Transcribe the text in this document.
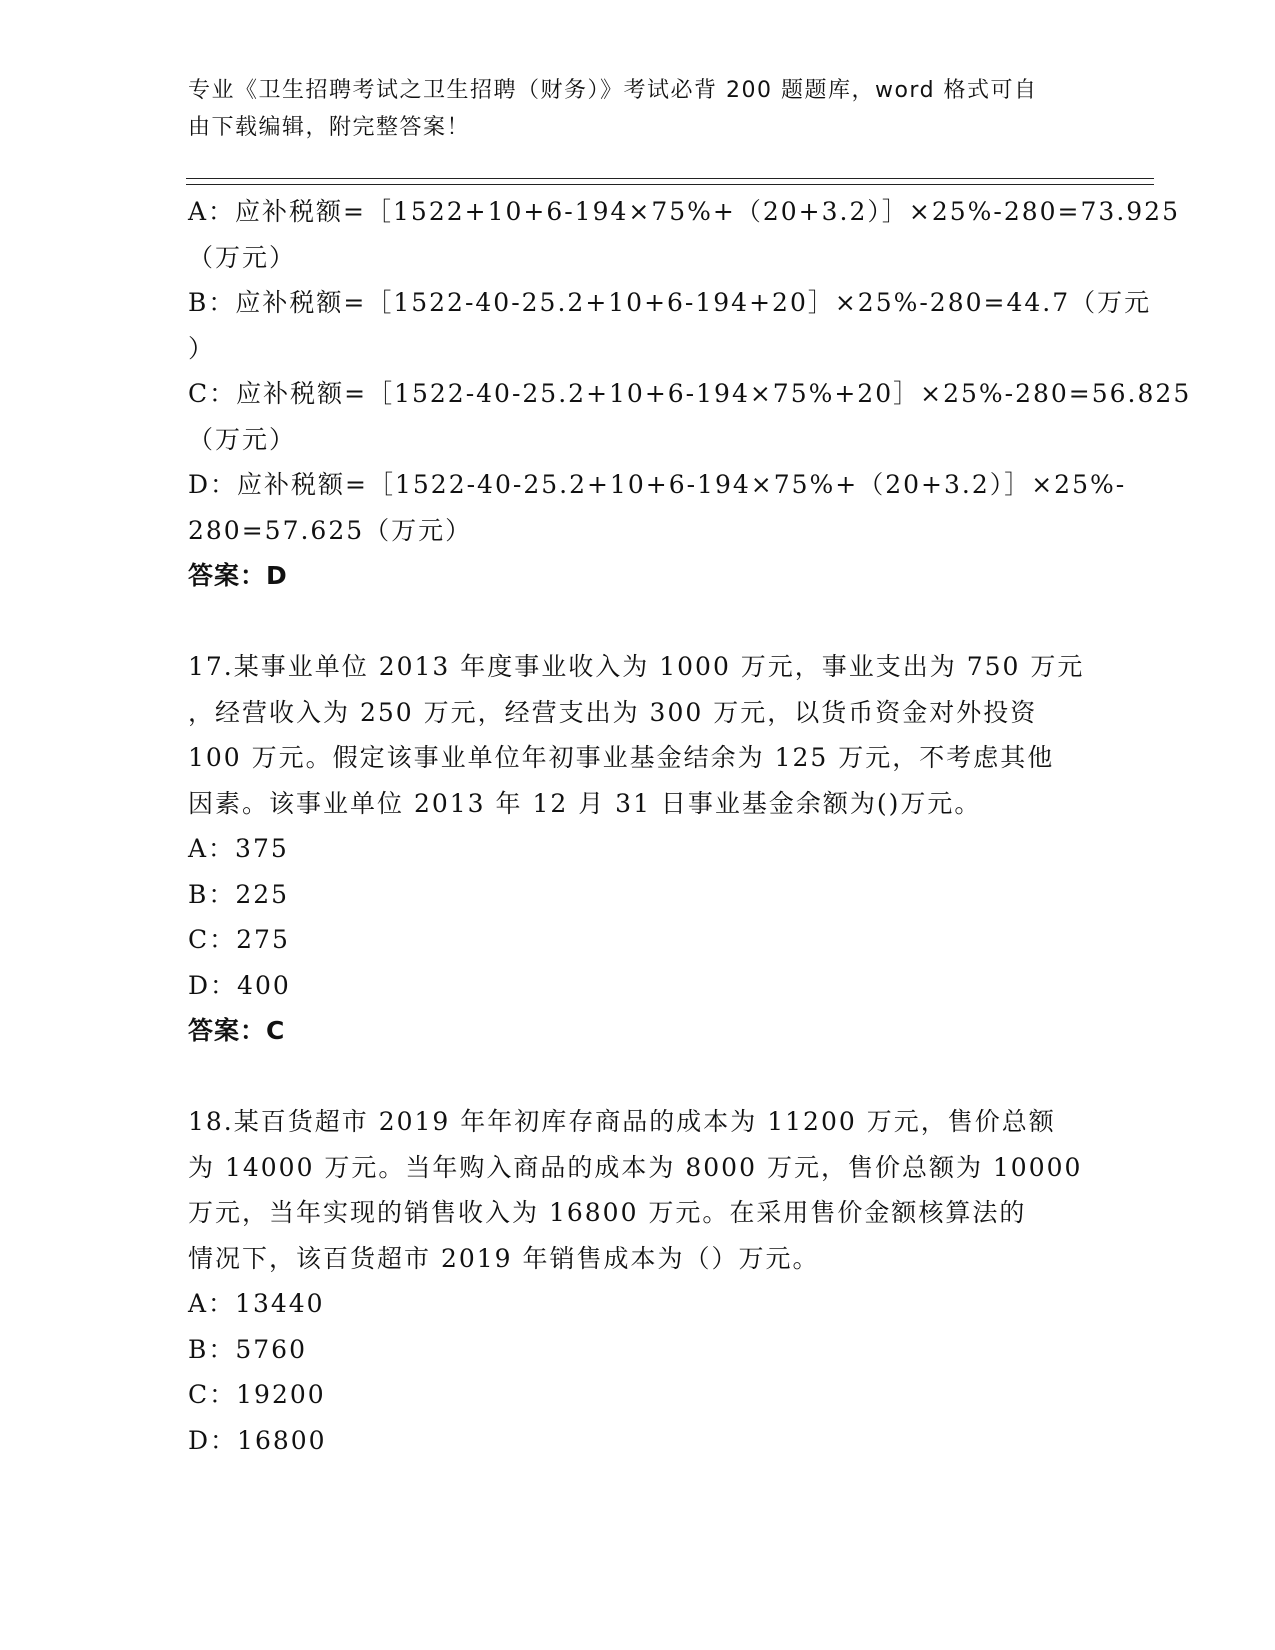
专业《卫生招聘考试之卫生招聘（财务）》考试必背 200 题题库，word 格式可自
由下载编辑，附完整答案！
A：应补税额=［1522+10+6-194×75%+（20+3.2）］×25%-280=73.925
（万元）
B：应补税额=［1522-40-25.2+10+6-194+20］×25%-280=44.7（万元
）
C：应补税额=［1522-40-25.2+10+6-194×75%+20］×25%-280=56.825
（万元）
D：应补税额=［1522-40-25.2+10+6-194×75%+（20+3.2）］×25%-
280=57.625（万元）
答案：D
17.某事业单位 2013 年度事业收入为 1000 万元，事业支出为 750 万元
，经营收入为 250 万元，经营支出为 300 万元，以货币资金对外投资
100 万元。假定该事业单位年初事业基金结余为 125 万元，不考虑其他
因素。该事业单位 2013 年 12 月 31 日事业基金余额为()万元。
A：375
B：225
C：275
D：400
答案：C
18.某百货超市 2019 年年初库存商品的成本为 11200 万元，售价总额
为 14000 万元。当年购入商品的成本为 8000 万元，售价总额为 10000
万元，当年实现的销售收入为 16800 万元。在采用售价金额核算法的
情况下，该百货超市 2019 年销售成本为（）万元。
A：13440
B：5760
C：19200
D：16800
